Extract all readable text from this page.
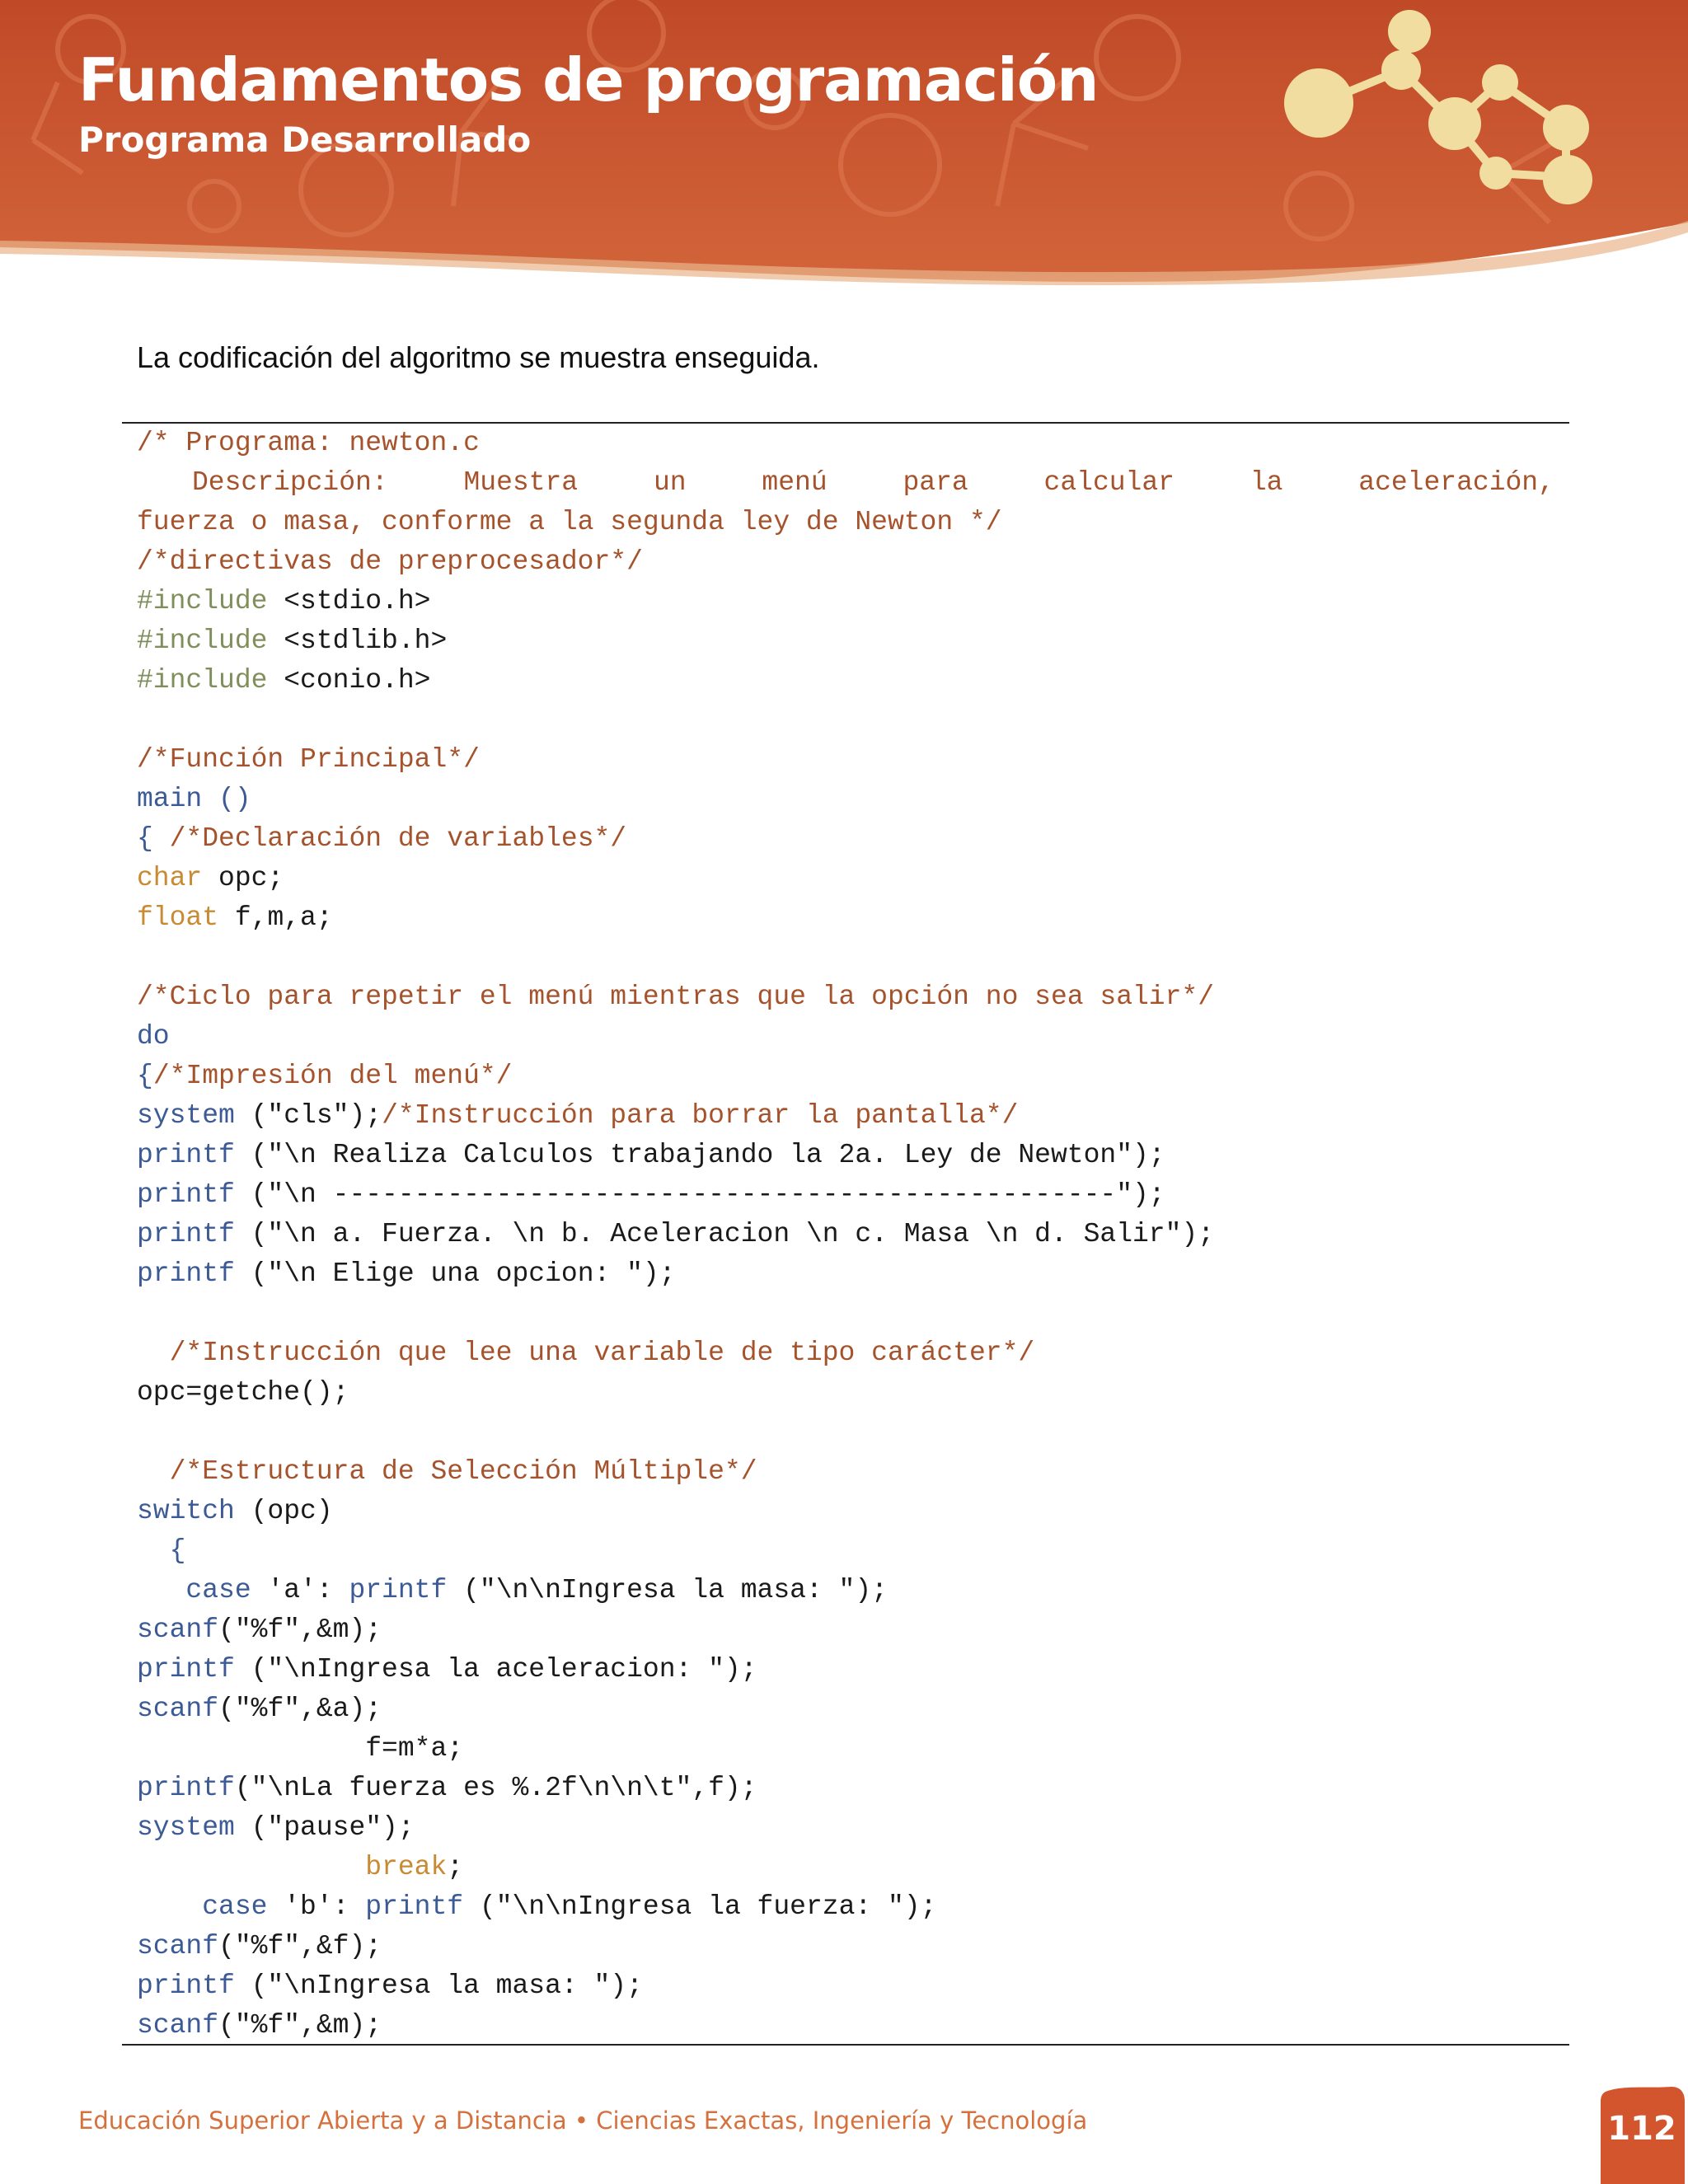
Fundamentos de programación
Programa Desarrollado

La codificación del algoritmo se muestra enseguida.

/* Programa: newton.c
Descripción:	Muestra	un	menú	para	calcular	la	aceleración,
fuerza o masa, conforme a la segunda ley de Newton */
/*directivas de preprocesador*/
#include <stdio.h>
#include <stdlib.h>
#include <conio.h>
/*Función Principal*/
main ()
{ /*Declaración de variables*/
char opc;
float f,m,a;
/*Ciclo para repetir el menú mientras que la opción no sea salir*/
do
{/*Impresión del menú*/
system ("cls");/*Instrucción para borrar la pantalla*/
printf ("\n Realiza Calculos trabajando la 2a. Ley de Newton");
printf ("\n ------------------------------------------------");
printf ("\n a. Fuerza. \n b. Aceleracion \n c. Masa \n d. Salir");
printf ("\n Elige una opcion: ");
/*Instrucción que lee una variable de tipo carácter*/
opc=getche();
/*Estructura de Selección Múltiple*/
switch (opc)
{
case 'a': printf ("\n\nIngresa la masa: ");
scanf("%f",&m);
printf ("\nIngresa la aceleracion: ");
scanf("%f",&a);
f=m*a;
printf("\nLa fuerza es %.2f\n\n\t",f);
system ("pause");
break;
case 'b': printf ("\n\nIngresa la fuerza: ");
scanf("%f",&f);
printf ("\nIngresa la masa: ");
scanf("%f",&m);
Educación Superior Abierta y a Distancia • Ciencias Exactas, Ingeniería y Tecnología	112
